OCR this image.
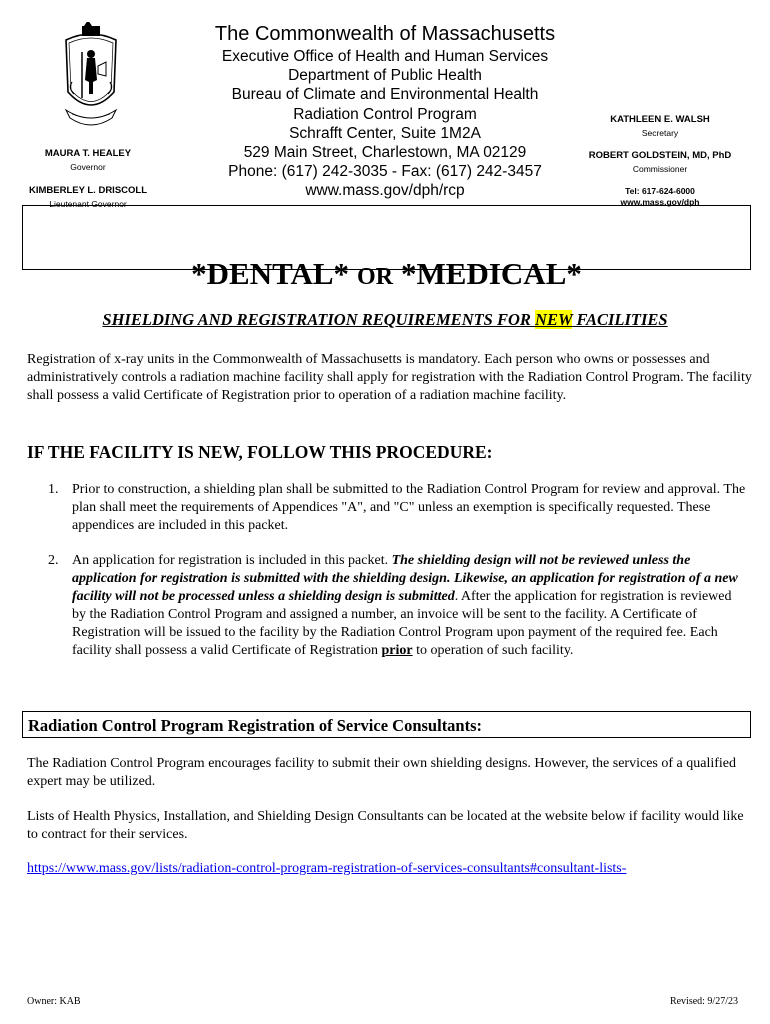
MAURA T. HEALEY
Governor
KIMBERLEY L. DRISCOLL
Lieutenant Governor
The Commonwealth of Massachusetts
Executive Office of Health and Human Services
Department of Public Health
Bureau of Climate and Environmental Health
Radiation Control Program
Schrafft Center, Suite 1M2A
529 Main Street, Charlestown, MA 02129
Phone: (617) 242-3035 - Fax: (617) 242-3457
www.mass.gov/dph/rcp
KATHLEEN E. WALSH
Secretary
ROBERT GOLDSTEIN, MD, PhD
Commissioner
Tel: 617-624-6000
www.mass.gov/dph
*DENTAL* OR *MEDICAL*
SHIELDING AND REGISTRATION REQUIREMENTS FOR NEW FACILITIES
Registration of x-ray units in the Commonwealth of Massachusetts is mandatory. Each person who owns or possesses and administratively controls a radiation machine facility shall apply for registration with the Radiation Control Program. The facility shall possess a valid Certificate of Registration prior to operation of a radiation machine facility.
IF THE FACILITY IS NEW, FOLLOW THIS PROCEDURE:
1. Prior to construction, a shielding plan shall be submitted to the Radiation Control Program for review and approval. The plan shall meet the requirements of Appendices "A", and "C" unless an exemption is specifically requested. These appendices are included in this packet.
2. An application for registration is included in this packet. The shielding design will not be reviewed unless the application for registration is submitted with the shielding design. Likewise, an application for registration of a new facility will not be processed unless a shielding design is submitted. After the application for registration is reviewed by the Radiation Control Program and assigned a number, an invoice will be sent to the facility. A Certificate of Registration will be issued to the facility by the Radiation Control Program upon payment of the required fee. Each facility shall possess a valid Certificate of Registration prior to operation of such facility.
Radiation Control Program Registration of Service Consultants:
The Radiation Control Program encourages facility to submit their own shielding designs. However, the services of a qualified expert may be utilized.
Lists of Health Physics, Installation, and Shielding Design Consultants can be located at the website below if facility would like to contract for their services.
https://www.mass.gov/lists/radiation-control-program-registration-of-services-consultants#consultant-lists-
Owner: KAB	Revised: 9/27/23
